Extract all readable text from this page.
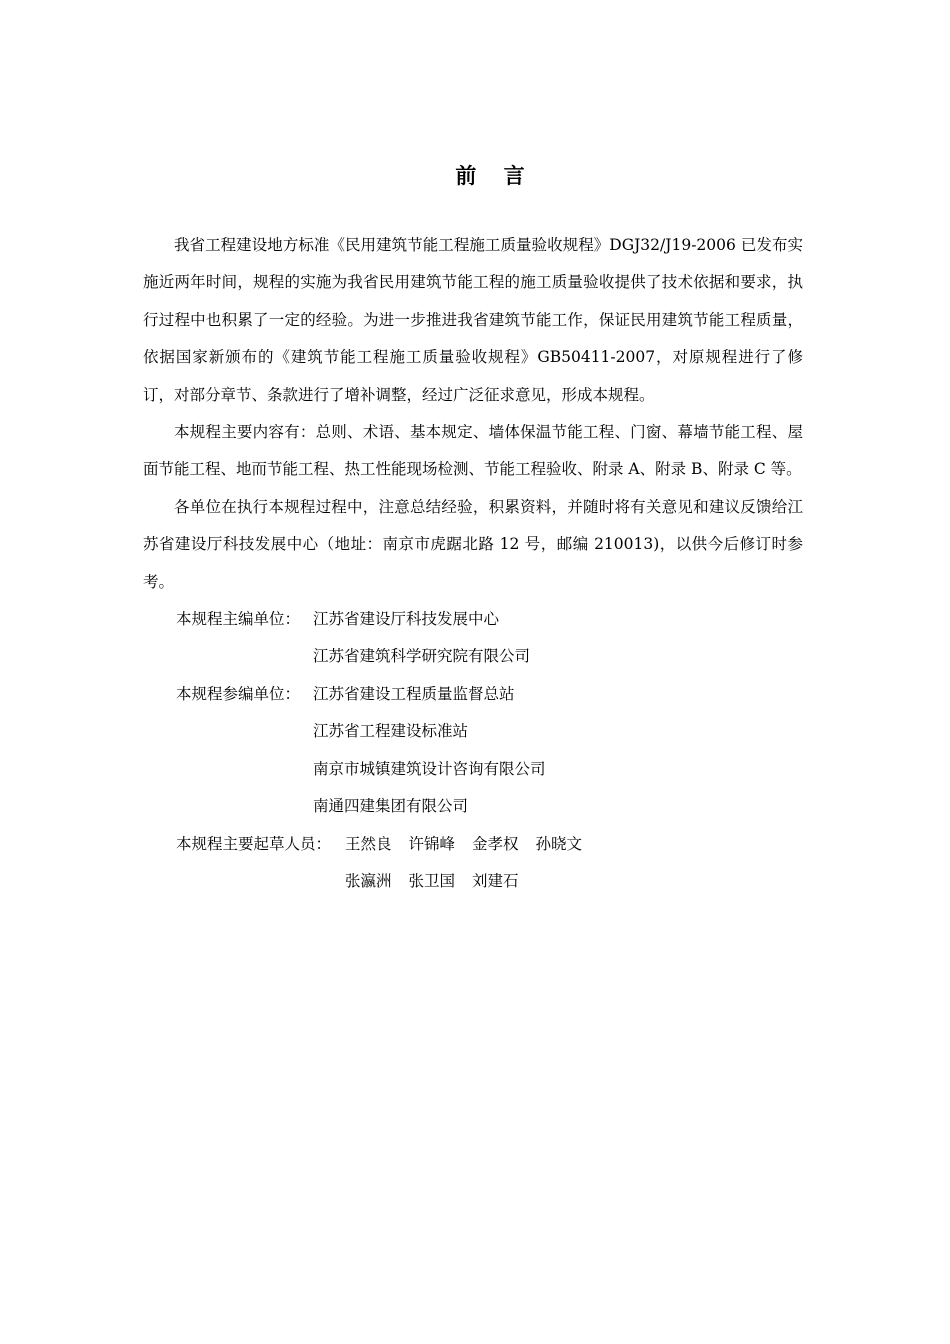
前 言

我省工程建设地方标准《民用建筑节能工程施工质量验收规程》DGJ32/J19-2006 已发布实施近两年时间，规程的实施为我省民用建筑节能工程的施工质量验收提供了技术依据和要求，执行过程中也积累了一定的经验。为进一步推进我省建筑节能工作，保证民用建筑节能工程质量，依据国家新颁布的《建筑节能工程施工质量验收规程》GB50411-2007，对原规程进行了修订，对部分章节、条款进行了增补调整，经过广泛征求意见，形成本规程。

本规程主要内容有：总则、术语、基本规定、墙体保温节能工程、门窗、幕墙节能工程、屋面节能工程、地而节能工程、热工性能现场检测、节能工程验收、附录 A、附录 B、附录 C 等。

各单位在执行本规程过程中，注意总结经验，积累资料，并随时将有关意见和建议反馈给江苏省建设厅科技发展中心（地址：南京市虎踞北路 12 号，邮编 210013)，以供今后修订时参考。

本规程主编单位： 江苏省建设厅科技发展中心

江苏省建筑科学研究院有限公司

本规程参编单位： 江苏省建设工程质量监督总站

江苏省工程建设标准站

南京市城镇建筑设计咨询有限公司

南通四建集团有限公司

本规程主要起草人员： 王然良 许锦峰 金孝权 孙晓文

张瀛洲 张卫国 刘建石
